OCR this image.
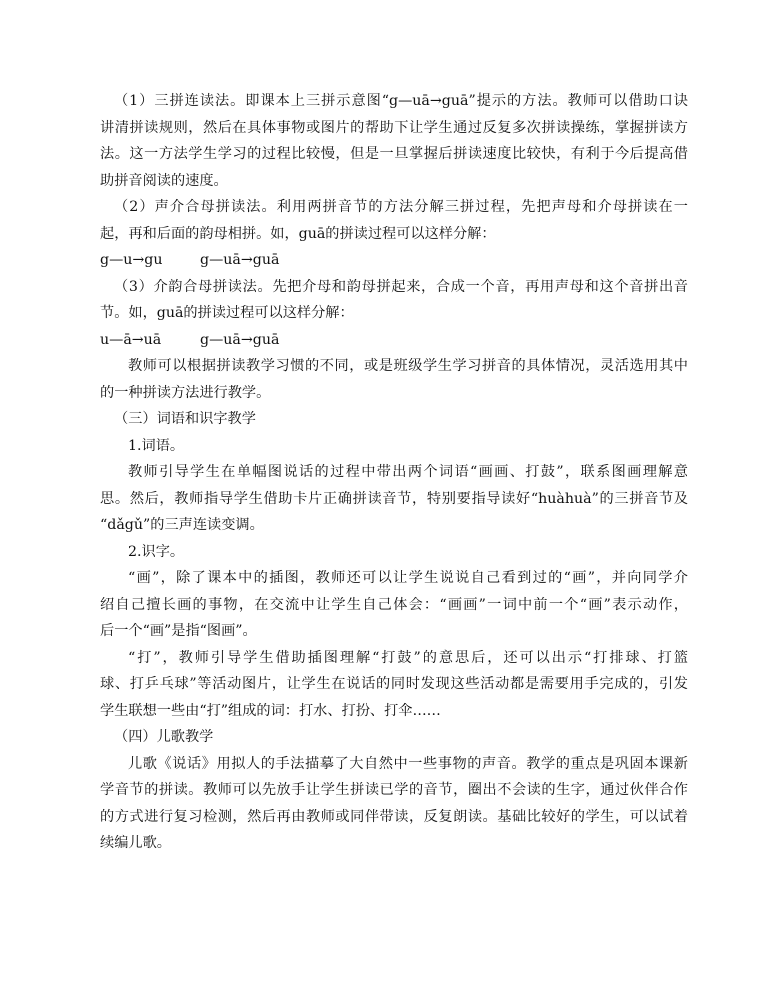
（1）三拼连读法。即课本上三拼示意图“g—uā→guā”提示的方法。教师可以借助口诀
讲清拼读规则，然后在具体事物或图片的帮助下让学生通过反复多次拼读操练，掌握拼读方
法。这一方法学生学习的过程比较慢，但是一旦掌握后拼读速度比较快，有利于今后提高借
助拼音阅读的速度。
（2）声介合母拼读法。利用两拼音节的方法分解三拼过程，先把声母和介母拼读在一
起，再和后面的韵母相拼。如，guā的拼读过程可以这样分解：
g—u→gu	g—uā→guā
（3）介韵合母拼读法。先把介母和韵母拼起来，合成一个音，再用声母和这个音拼出音
节。如，guā的拼读过程可以这样分解：
u—ā→uā	g—uā→guā
教师可以根据拼读教学习惯的不同，或是班级学生学习拼音的具体情况，灵活选用其中
的一种拼读方法进行教学。
（三）词语和识字教学
1.词语。
教师引导学生在单幅图说话的过程中带出两个词语“画画、打鼓”，联系图画理解意
思。然后，教师指导学生借助卡片正确拼读音节，特别要指导读好“huàhuà”的三拼音节及
“dǎgǔ”的三声连读变调。
2.识字。
“画”，除了课本中的插图，教师还可以让学生说说自己看到过的“画”，并向同学介
绍自己擅长画的事物，在交流中让学生自己体会：“画画”一词中前一个“画”表示动作，
后一个“画”是指“图画”。
“打”，教师引导学生借助插图理解“打鼓”的意思后，还可以出示“打排球、打篮
球、打乒乓球”等活动图片，让学生在说话的同时发现这些活动都是需要用手完成的，引发
学生联想一些由“打”组成的词：打水、打扮、打伞……
（四）儿歌教学
儿歌《说话》用拟人的手法描摹了大自然中一些事物的声音。教学的重点是巩固本课新
学音节的拼读。教师可以先放手让学生拼读已学的音节，圈出不会读的生字，通过伙伴合作
的方式进行复习检测，然后再由教师或同伴带读，反复朗读。基础比较好的学生，可以试着
续编儿歌。
